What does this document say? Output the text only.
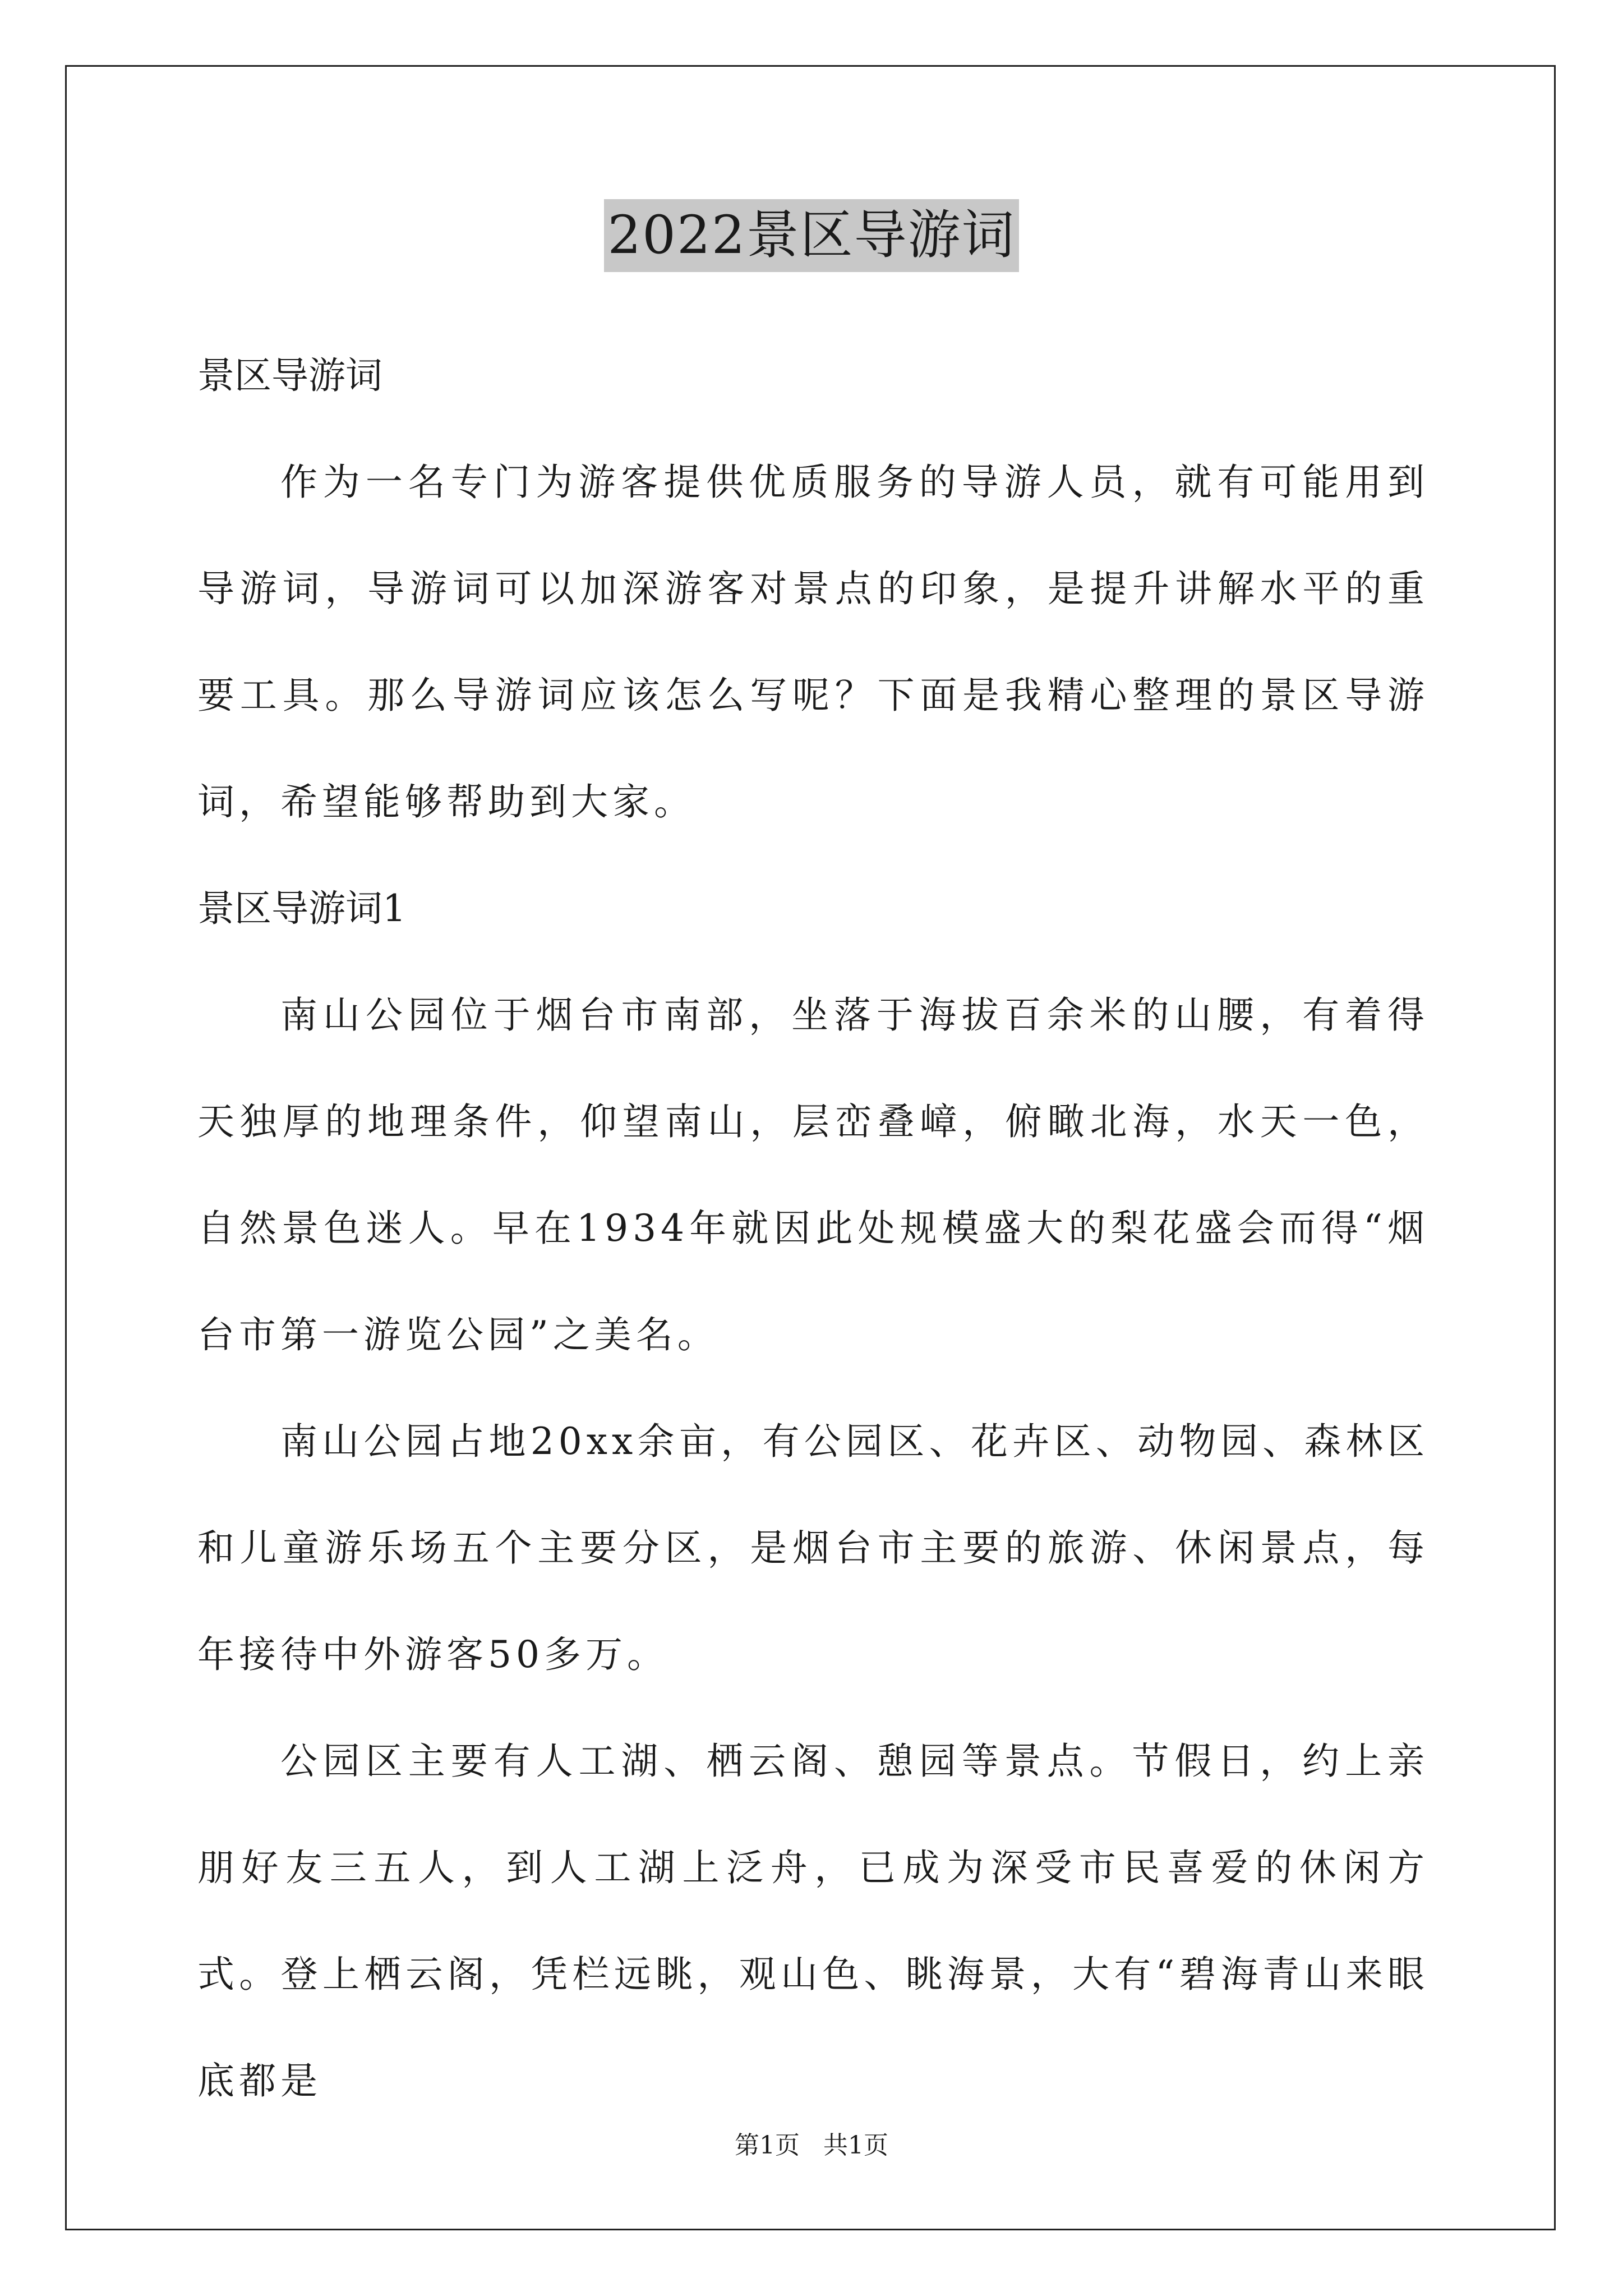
2022景区导游词
景区导游词
作为一名专门为游客提供优质服务的导游人员，就有可能用到导游词，导游词可以加深游客对景点的印象，是提升讲解水平的重要工具。那么导游词应该怎么写呢？下面是我精心整理的景区导游词，希望能够帮助到大家。
景区导游词1
南山公园位于烟台市南部，坐落于海拔百余米的山腰，有着得天独厚的地理条件，仰望南山，层峦叠嶂，俯瞰北海，水天一色，自然景色迷人。早在1934年就因此处规模盛大的梨花盛会而得“烟台市第一游览公园”之美名。
南山公园占地20xx余亩，有公园区、花卉区、动物园、森林区和儿童游乐场五个主要分区，是烟台市主要的旅游、休闲景点，每年接待中外游客50多万。
公园区主要有人工湖、栖云阁、憩园等景点。节假日，约上亲朋好友三五人，到人工湖上泛舟，已成为深受市民喜爱的休闲方式。登上栖云阁，凭栏远眺，观山色、眺海景，大有“碧海青山来眼底都是
第1页   共1页
